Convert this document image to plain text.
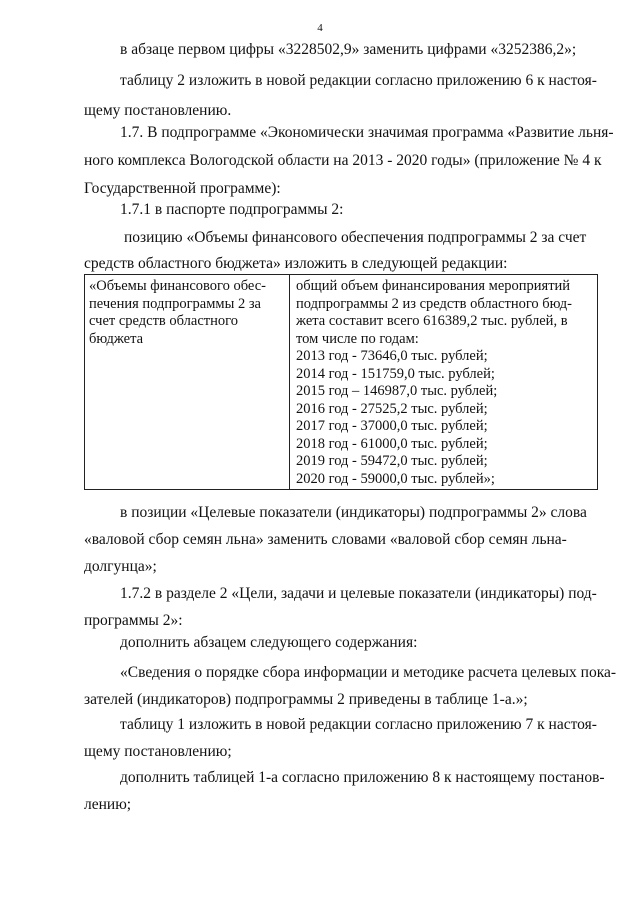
4
в абзаце первом цифры «3228502,9» заменить цифрами «3252386,2»;
таблицу 2 изложить в новой редакции согласно приложению 6 к настоя-
щему постановлению.
1.7. В подпрограмме «Экономически значимая программа «Развитие льня-
ного комплекса Вологодской области на 2013 - 2020 годы» (приложение № 4 к
Государственной программе):
1.7.1 в паспорте подпрограммы 2:
позицию «Объемы финансового обеспечения подпрограммы 2 за счет
средств областного бюджета» изложить в следующей редакции:
«Объемы финансового обес-
печения подпрограммы 2 за
счет средств областного
бюджета
общий объем финансирования мероприятий
подпрограммы 2 из средств областного бюд-
жета составит всего 616389,2 тыс. рублей, в
том числе по годам:
2013 год - 73646,0 тыс. рублей;
2014 год - 151759,0 тыс. рублей;
2015 год – 146987,0 тыс. рублей;
2016 год - 27525,2 тыс. рублей;
2017 год - 37000,0 тыс. рублей;
2018 год - 61000,0 тыс. рублей;
2019 год - 59472,0 тыс. рублей;
2020 год - 59000,0 тыс. рублей»;
в позиции «Целевые показатели (индикаторы) подпрограммы 2» слова
«валовой сбор семян льна» заменить словами «валовой сбор семян льна-
долгунца»;
1.7.2 в разделе 2 «Цели, задачи и целевые показатели (индикаторы) под-
программы 2»:
дополнить абзацем следующего содержания:
«Сведения о порядке сбора информации и методике расчета целевых пока-
зателей (индикаторов) подпрограммы 2 приведены в таблице 1-а.»;
таблицу 1 изложить в новой редакции согласно приложению 7 к настоя-
щему постановлению;
дополнить таблицей 1-а согласно приложению 8 к настоящему постанов-
лению;
